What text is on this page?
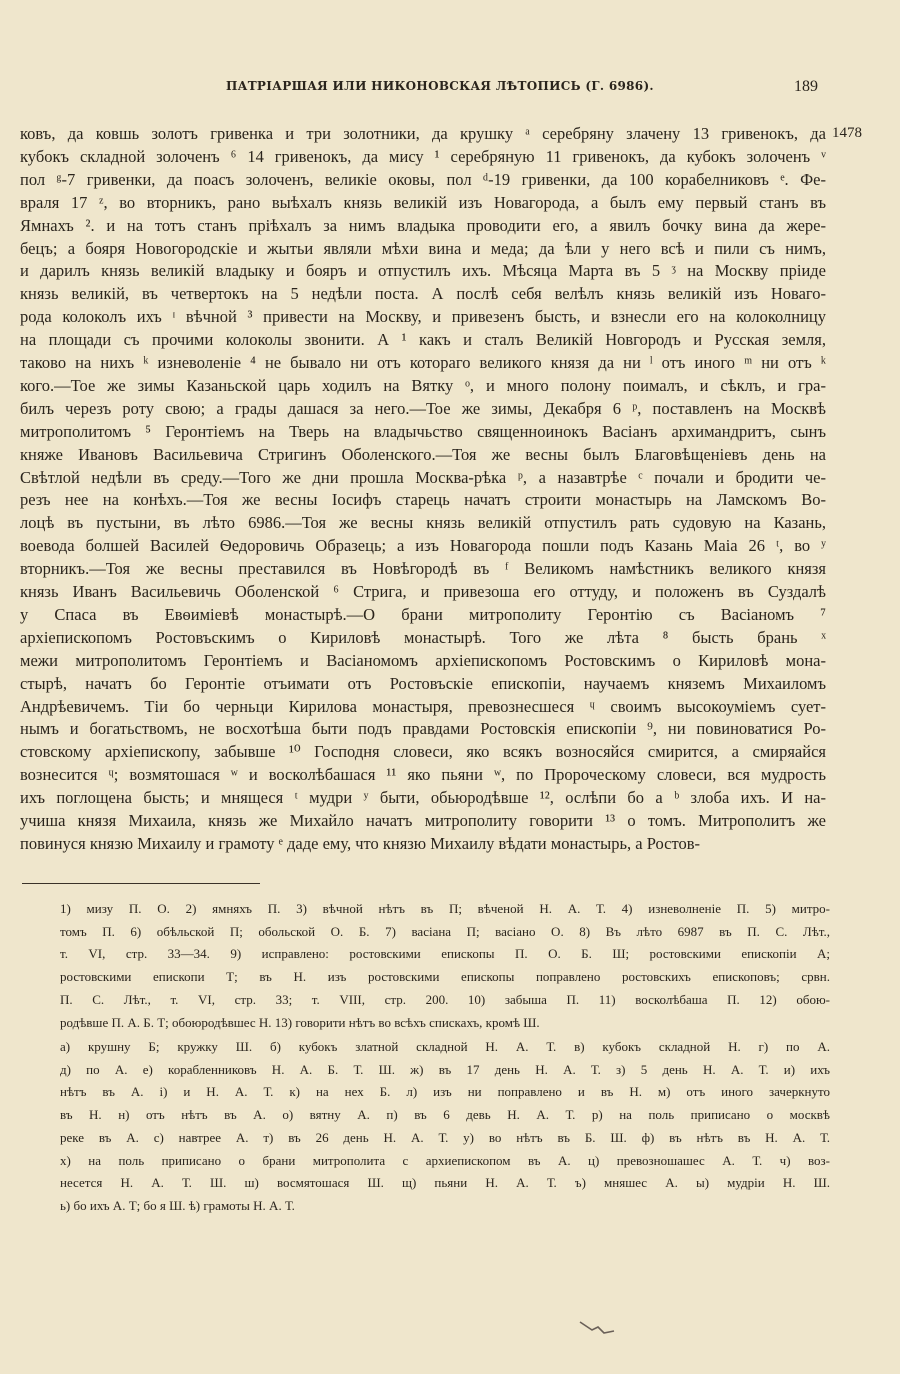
ПАТРІАРШАЯ ИЛИ НИКОНОВСКАЯ ЛѢТОПИСЬ (Г. 6986).	189
1478
ковъ, да ковшь золотъ гривенка и три золотники, да крушку ᵃ серебряну злачену 13 гривенокъ, да
кубокъ складной золоченъ ⁶ 14 гривенокъ, да мису ¹ серебряную 11 гривенокъ, да кубокъ золоченъ ᵛ
пол ᵍ-7 гривенки, да поасъ золоченъ, великіе оковы, пол ᵈ-19 гривенки, да 100 корабелниковъ ᵉ. Фе-
враля 17 ᶻ, во вторникъ, рано выѣхалъ князь великій изъ Новагорода, а былъ ему первый станъ въ
Ямнахъ ². и на тотъ станъ пріѣхалъ за нимъ владыка проводити его, а явилъ бочку вина да жере-
бецъ; а бояря Новогородскіе и жытьи являли мѣхи вина и меда; да ѣли у него всѣ и пили съ нимъ,
и дарилъ князь великій владыку и бояръ и отпустилъ ихъ. Мѣсяца Марта въ 5 ᶾ на Москву пріиде
князь великій, въ четвертокъ на 5 недѣли поста. А послѣ себя велѣлъ князь великій изъ Новаго-
рода колоколъ ихъ ᶦ вѣчной ³ привести на Москву, и привезенъ бысть, и взнесли его на колоколницу
на площади съ прочими колоколы звонити. А ¹ какъ и сталъ Великій Новгородъ и Русская земля,
таково на нихъ ᵏ изневоленіе ⁴ не бывало ни отъ котораго великого князя да ни ˡ отъ иного ᵐ ни отъ ᵏ
кого.—Тое же зимы Казаньской царь ходилъ на Вятку ᵒ, и много полону поималъ, и сѣклъ, и гра-
билъ черезъ роту свою; а грады дашася за него.—Тое же зимы, Декабря 6 ᵖ, поставленъ на Москвѣ
митрополитомъ ⁵ Геронтіемъ на Тверь на владычьство священноинокъ Васіанъ архимандритъ, сынъ
княже Ивановъ Васильевича Стригинъ Оболенского.—Тоя же весны былъ Благовѣщеніевъ день на
Свѣтлой недѣли въ среду.—Того же дни прошла Москва-рѣка ᵖ, а назавтрѣе ᶜ почали и бродити че-
резъ нее на конѣхъ.—Тоя же весны Іосифъ старець начатъ строити монастырь на Ламскомъ Во-
лоцѣ въ пустыни, въ лѣто 6986.—Тоя же весны князь великій отпустилъ рать судовую на Казань,
воевода болшей Василей Ѳедоровичь Образець; а изъ Новагорода пошли подъ Казань Маіа 26 ᵗ, во ʸ
вторникъ.—Тоя же весны преставился въ Новѣгородѣ въ ᶠ Великомъ намѣстникъ великого князя
князь Иванъ Васильевичь Оболенской ⁶ Стрига, и привезоша его оттуду, и положенъ въ Суздалѣ
у Спаса въ Евѳиміевѣ монастырѣ.—О брани митрополиту Геронтію съ Васіаномъ ⁷
архіепископомъ Ростовъскимъ о Кириловѣ монастырѣ. Того же лѣта ⁸ бысть брань ˣ
межи митрополитомъ Геронтіемъ и Васіаномомъ архіепископомъ Ростовскимъ о Кириловѣ мона-
стырѣ, начатъ бо Геронтіе отъимати отъ Ростовъскіе епископіи, научаемъ княземъ Михаиломъ
Андрѣевичемъ. Тіи бо черньци Кирилова монастыря, превознесшеся ᶣ своимъ высокоуміемъ сует-
нымъ и богатьствомъ, не восхотѣша быти подъ правдами Ростовскія епископіи ⁹, ни повиноватися Ро-
стовскому архіепископу, забывше ¹⁰ Господня словеси, яко всякъ возносяйся смирится, а смиряайся
вознесится ᶣ; возмятошася ʷ и восколѣбашася ¹¹ яко пьяни ʷ, по Пророческому словеси, вся мудрость
ихъ поглощена бысть; и мнящеся ᵗ мудри ʸ быти, обьюродѣвше ¹², ослѣпи бо а ᵇ злоба ихъ. И на-
учиша князя Михаила, князь же Михайло начатъ митрополиту говорити ¹³ о томъ. Митрополитъ же
повинуся князю Михаилу и грамоту ᵉ даде ему, что князю Михаилу вѣдати монастырь, а Ростов-
1) мизу П. О. 2) ямняхъ П. 3) вѣчной нѣтъ въ П; вѣченой Н. А. Т. 4) изневолненіе П. 5) митро-
томъ П. 6) обѣльской П; обольской О. Б. 7) васіана П; васіано О. 8) Въ лѣто 6987 въ П. С. Лѣт.,
т. VI, стр. 33—34. 9) исправлено: ростовскими епископы П. О. Б. Ш; ростовскими епископіи А;
ростовскими епископи Т; въ Н. изъ ростовскими епископы поправлено ростовскихъ епископовъ; срвн.
П. С. Лѣт., т. VI, стр. 33; т. VIII, стр. 200. 10) забыша П. 11) восколѣбаша П. 12) обою-
родѣвше П. А. Б. Т; обоюродѣвшес Н. 13) говорити нѣтъ во всѣхъ спискахъ, кромѣ Ш.
а) крушну Б; кружку Ш. б) кубокъ златной складной Н. А. Т. в) кубокъ складной Н. г) по А.
д) по А. е) корабленниковъ Н. А. Б. Т. Ш. ж) въ 17 день Н. А. Т. з) 5 день Н. А. Т. и) ихъ
нѣтъ въ А. і) и Н. А. Т. к) на нех Б. л) изъ ни поправлено и въ Н. м) отъ иного зачеркнуто
въ Н. н) отъ нѣтъ въ А. о) вятну А. п) въ 6 девь Н. А. Т. р) на поль приписано о москвѣ
реке въ А. с) навтрее А. т) въ 26 день Н. А. Т. у) во нѣтъ въ Б. Ш. ф) въ нѣтъ въ Н. А. Т.
х) на поль приписано о брани митрополита с архиепископом въ А. ц) превозношашес А. Т. ч) воз-
несется Н. А. Т. Ш. ш) восмятошася Ш. щ) пьяни Н. А. Т. ъ) мняшес А. ы) мудріи Н. Ш.
ь) бо ихъ А. Т; бо я Ш. ѣ) грамоты Н. А. Т.
